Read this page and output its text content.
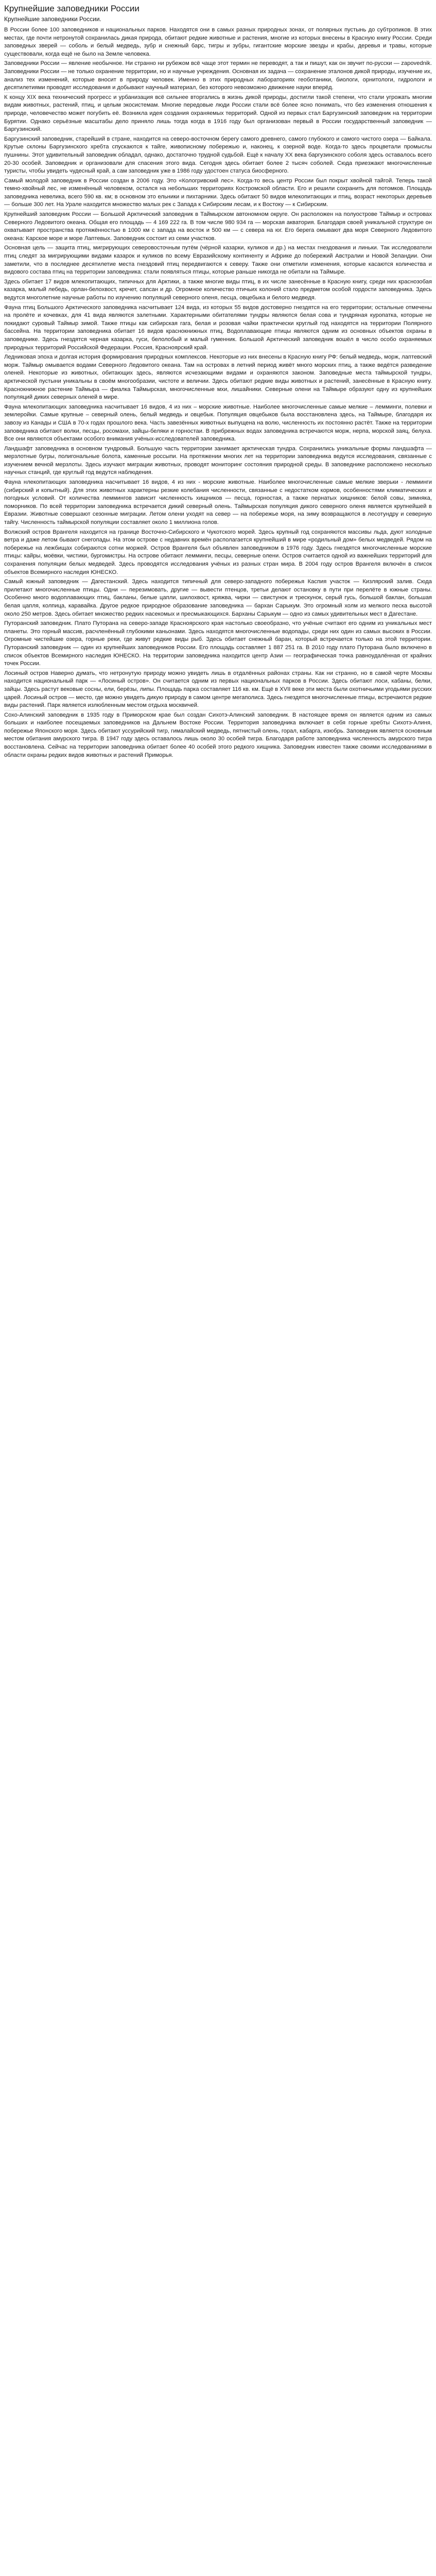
Крупнейшие заповедники России
Крупнейшие заповедники России.

В России более 100 заповедников и национальных парков. Находятся они в самых разных природных зонах, от полярных пустынь до субтропиков. В этих местах, где почти нетронутой сохранилась дикая природа, обитают редкие животные и растения, многие из которых внесены в Красную книгу России. Среди заповедных зверей — соболь и белый медведь, зубр и снежный барс, тигры и зубры, гигантские морские звезды и крабы, деревья и травы, которые существовали, когда ещё не было на Земле человека.

Заповедники России — явление необычное. Ни странно ни рубежом всё чаще этот термин не переводят, а так и пишут, как он звучит по-русски — zapovednik. Заповедники России — не только охранение территории, но и научные учреждения. Основная их задача — сохранение эталонов дикой природы, изучение их, анализ тех изменений, которые вносит в природу человек. Именно в этих природных лабораториях геоботаники, биологи, орнитологи, гидрологи и десятилетиями проводят исследования и добывают научный материал, без которого невозможно движение науки вперёд.

К концу XIX века технический прогресс и урбанизация всё сильнее вторгались в жизнь дикой природы, достигли такой степени, что стали угрожать многим видам животных, растений, птиц, и целым экосистемам. Многие передовые люди России стали всё более ясно понимать, что без изменения отношения к природе, человечество может погубить её. Возникла идея создания охраняемых территорий. Одной из первых стал Баргузинский заповедник на территории Бурятии. Однако серьёзные масштабы дело приняло лишь тогда когда в 1916 году был организован первый в России государственный заповедник — Баргузинский.

Баргузинский заповедник, старейший в стране, находится на северо-восточном берегу самого древнего, самого глубокого и самого чистого озера — Байкала. Крутые склоны Баргузинского хребта спускаются к тайге, живописному побережью и, наконец, к озерной воде. Когда-то здесь процветали промыслы пушнины. Этот удивительный заповедник обладал, однако, достаточно трудной судьбой. Ещё к началу ХХ века баргузинского соболя здесь оставалось всего 20-30 особей. Заповедник и организовали для спасения этого вида. Сегодня здесь обитает более 2 тысяч соболей. Сюда приезжают многочисленные туристы, чтобы увидеть чудесный край, а сам заповедник уже в 1986 году удостоен статуса биосферного.

Самый молодой заповедник в России создан в 2006 году. Это «Кологривский лес». Когда-то весь центр России был покрыт хвойной тайгой. Теперь такой темно-хвойный лес, не изменённый человеком, остался на небольших территориях Костромской области. Его и решили сохранить для потомков. Площадь заповедника невелика, всего 590 кв. км; в основном это ельники и пихтарники. Здесь обитают 50 видов млекопитающих и птиц, возраст некоторых деревьев — больше 300 лет. На Урале находится множество малых рек с Запада к Сибирским лесам, и к Востоку — к Сибирским.

Крупнейший заповедник России — Большой Арктический заповедник в Таймырском автономном округе. Он расположен на полуострове Таймыр и островах Северного Ледовитого океана. Общая его площадь — 4 169 222 га. В том числе 980 934 га — морская акватория. Благодаря своей уникальной структуре он охватывает пространства протяжённостью в 1000 км с запада на восток и 500 км — с севера на юг. Его берега омывают два моря Северного Ледовитого океана: Карское море и море Лаптевых. Заповедник состоит из семи участков.

Основная цель — защита птиц, мигрирующих северовосточным путём (чёрной казарки, куликов и др.) на местах гнездования и линьки. Так исследователи птиц следят за мигрирующими видами казарок и куликов по всему Евразийскому континенту и Африке до побережий Австралии и Новой Зеландии. Они заметили, что в последнее десятилетие места гнездовий птиц передвигаются к северу. Также они отметили изменения, которые касаются количества и видового состава птиц на территории заповедника: стали появляться птицы, которые раньше никогда не обитали на Таймыре.

Здесь обитает 17 видов млекопитающих, типичных для Арктики, а также многие виды птиц, в их числе занесённые в Красную книгу, среди них краснозобая казарка, малый лебедь, орлан-белохвост, кречет, сапсан и др. Огромное количество птичьих колоний стало предметом особой гордости заповедника. Здесь ведутся многолетние научные работы по изучению популяций северного оленя, песца, овцебыка и белого медведя.

Фауна птиц Большого Арктического заповедника насчитывает 124 вида, из которых 55 видов достоверно гнездятся на его территории; остальные отмечены на пролёте и кочевках, для 41 вида являются залетными. Характерными обитателями тундры являются белая сова и тундряная куропатка, которые не покидают суровый Таймыр зимой. Также птицы как сибирская гага, белая и розовая чайки практически круглый год находятся на территории Полярного бассейна. На территории заповедника обитает 16 видов краснокнижных птиц. Водоплавающие птицы являются одним из основных объектов охраны в заповеднике. Здесь гнездятся черная казарка, гуси, белолобый и малый гуменник. Большой Арктический заповедник вошёл в число особо охраняемых природных территорий Российской Федерации. Россия, Красноярский край.

Ледниковая эпоха и долгая история формирования природных комплексов. Некоторые из них внесены в Красную книгу РФ: белый медведь, морж, лаптевский морж. Таймыр омывается водами Северного Ледовитого океана. Там на островах в летний период живёт много морских птиц, а также ведётся разведение оленей. Некоторые из животных, обитающих здесь, являются исчезающими видами и охраняются законом. Заповедные места таймырской тундры, арктической пустыни уникальны в своём многообразии, чистоте и величии. Здесь обитают редкие виды животных и растений, занесённые в Красную книгу. Краснокнижное растение Таймыра — фиалка Таймырская, многочисленные мхи, лишайники. Северные олени на Таймыре образуют одну из крупнейших популяций диких северных оленей в мире.

Фауна млекопитающих заповедника насчитывает 16 видов, 4 из них – морские животные. Наиболее многочисленные самые мелкие – лемминги, полевки и землеройки. Самые крупные – северный олень, белый медведь и овцебык. Популяция овцебыков была восстановлена здесь, на Таймыре, благодаря их завозу из Канады и США в 70-х годах прошлого века. Часть завезённых животных выпущена на волю, численность их постоянно растёт. Также на территории заповедника обитают волки, песцы, росомахи, зайцы-беляки и горностаи. В прибрежных водах заповедника встречаются морж, нерпа, морской заяц, белуха. Все они являются объектами особого внимания учёных-исследователей заповедника.

Ландшафт заповедника в основном тундровый. Большую часть территории занимает арктическая тундра. Сохранились уникальные формы ландшафта — мерзлотные бугры, полигональные болота, каменные россыпи. На протяжении многих лет на территории заповедника ведутся исследования, связанные с изучением вечной мерзлоты. Здесь изучают миграции животных, проводят мониторинг состояния природной среды. В заповеднике расположено несколько научных станций, где круглый год ведутся наблюдения.

Фауна нлекопитающих заповедника насчитывает 16 видов, 4 из них - морские животные. Наиболее многочисленные самые мелкие зверьки - лемминги (сибирский и копытный). Для этих животных характерны резкие колебания численности, связанные с недостатком кормов, особенностями климатических и погодных условий. От количества леммингов зависит численность хищников — песца, горностая, а также пернатых хищников: белой совы, зимняка, поморников. По всей территории заповедника встречается дикий северный олень. Таймырская популяция дикого северного оленя является крупнейшей в Евразии. Животные совершают сезонные миграции. Летом олени уходят на север — на побережье моря, на зиму возвращаются в лесотундру и северную тайгу. Численность таймырской популяции составляет около 1 миллиона голов.

Волжский остров Врангеля находится на границе Восточно-Сибирского и Чукотского морей. Здесь крупный год сохраняются массивы льда, дуют холодные ветра и даже летом бывают снегопады. На этом острове с недавних времён располагается крупнейший в мире «родильный дом» белых медведей. Рядом на побережье на лежбищах собираются сотни моржей. Остров Врангеля был объявлен заповедником в 1976 году. Здесь гнездятся многочисленные морские птицы: кайры, моёвки, чистики, бургомистры. На острове обитают лемминги, песцы, северные олени. Остров считается одной из важнейших территорий для сохранения популяции белых медведей. Здесь проводятся исследования учёных из разных стран мира. В 2004 году остров Врангеля включён в список объектов Всемирного наследия ЮНЕСКО.

Самый южный заповедник — Дагестанский. Здесь находится типичный для северо-западного побережья Каспия участок — Кизлярский залив. Сюда прилетают многочисленные птицы. Одни — перезимовать, другие — вывести птенцов, третьи делают остановку в пути при перелёте в южные страны. Особенно много водоплавающих птиц, бакланы, белые цапли, шилохвост, кряжва, чирки — свистунок и трескунок, серый гусь, большой баклан, большая белая цапля, колпица, каравайка. Другое редкое природное образование заповедника — бархан Сарыкум. Это огромный холм из мелкого песка высотой около 250 метров. Здесь обитает множество редких насекомых и пресмыкающихся. Барханы Сарыкум — одно из самых удивительных мест в Дагестане.

Путоранский заповедник. Плато Путорана на северо-западе Красноярского края настолько своеобразно, что учёные считают его одним из уникальных мест планеты. Это горный массив, расчленённый глубокими каньонами. Здесь находятся многочисленные водопады, среди них один из самых высоких в России. Огромные чистейшие озера, горные реки, где живут редкие виды рыб. Здесь обитает снежный баран, который встречается только на этой территории. Путоранский заповедник — один из крупнейших заповедников России. Его площадь составляет 1 887 251 га. В 2010 году плато Путорана было включено в список объектов Всемирного наследия ЮНЕСКО. На территории заповедника находится центр Азии — географическая точка равноудалённая от крайних точек России.

Лосиный остров Наверно думать, что нетронутую природу можно увидеть лишь в отдалённых районах страны. Как ни странно, но в самой черте Москвы находится национальный парк — «Лосиный остров». Он считается одним из первых национальных парков в России. Здесь обитают лоси, кабаны, белки, зайцы. Здесь растут вековые сосны, ели, берёзы, липы. Площадь парка составляет 116 кв. км. Ещё в XVII веке эти места были охотничьими угодьями русских царей. Лосиный остров — место, где можно увидеть дикую природу в самом центре мегаполиса. Здесь гнездятся многочисленные птицы, встречаются редкие виды растений. Парк является излюбленным местом отдыха москвичей.

Сохо-Алинский заповедник в 1935 году в Приморском крае был создан Сихотэ-Алинский заповедник. В настоящее время он является одним из самых больших и наиболее посещаемых заповедников на Дальнем Востоке России. Территория заповедника включает в себя горные хребты Сихотэ-Алиня, побережье Японского моря. Здесь обитают уссурийский тигр, гималайский медведь, пятнистый олень, горал, кабарга, изюбрь. Заповедник является основным местом обитания амурского тигра. В 1947 году здесь оставалось лишь около 30 особей тигра. Благодаря работе заповедника численность амурского тигра восстановлена. Сейчас на территории заповедника обитает более 40 особей этого редкого хищника. Заповедник известен также своими исследованиями в области охраны редких видов животных и растений Приморья.
